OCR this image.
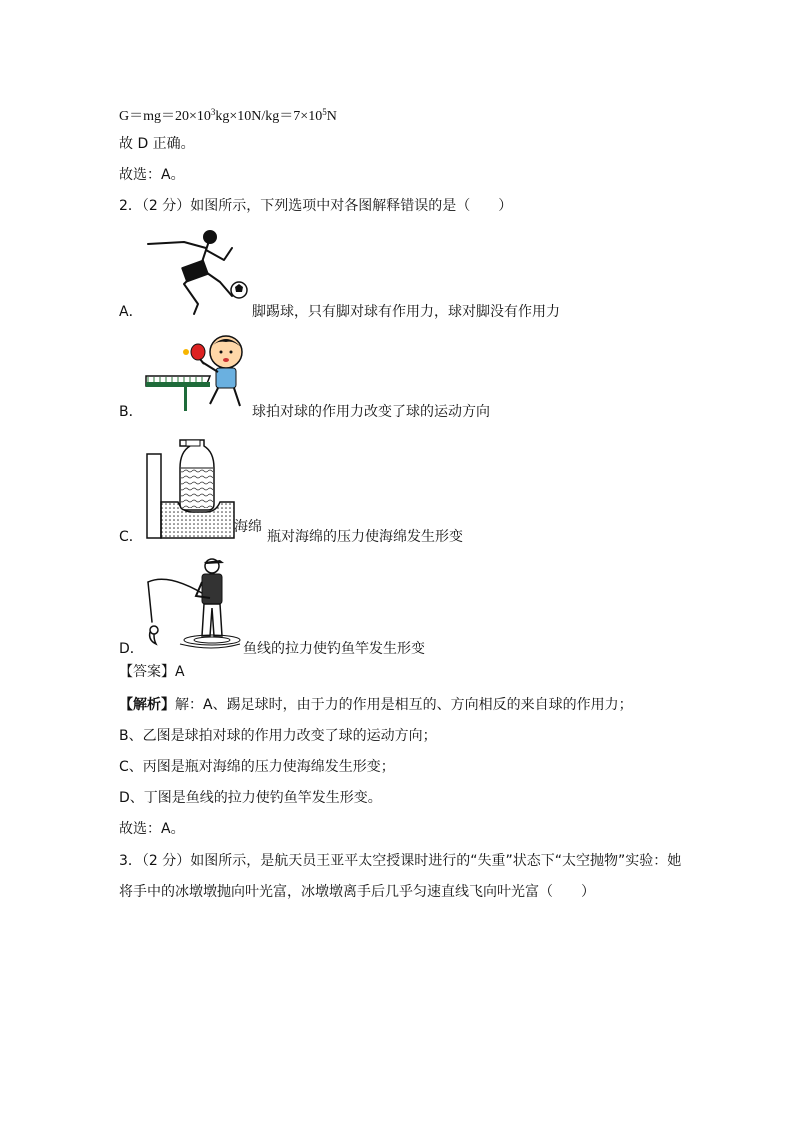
$G=mg=20\times 10^3kg\times 10N/kg=7\times 10^5N$
故 D 正确。
故选：A。
2．（2 分）如图所示，下列选项中对各图解释错误的是（　　）
A．	脚踢球，只有脚对球有作用力，球对脚没有作用力
B．	球拍对球的作用力改变了球的运动方向
海绵
C．	瓶对海绵的压力使海绵发生形变
D．	鱼线的拉力使钓鱼竿发生形变
【答案】A
【解析】解：A、踢足球时，由于力的作用是相互的、方向相反的来自球的作用力；
B、乙图是球拍对球的作用力改变了球的运动方向；
C、丙图是瓶对海绵的压力使海绵发生形变；
D、丁图是鱼线的拉力使钓鱼竿发生形变。
故选：A。
3．（2 分）如图所示，是航天员王亚平太空授课时进行的“失重”状态下“太空抛物”实验：她
将手中的冰墩墩抛向叶光富，冰墩墩离手后几乎匀速直线飞向叶光富（　　）
